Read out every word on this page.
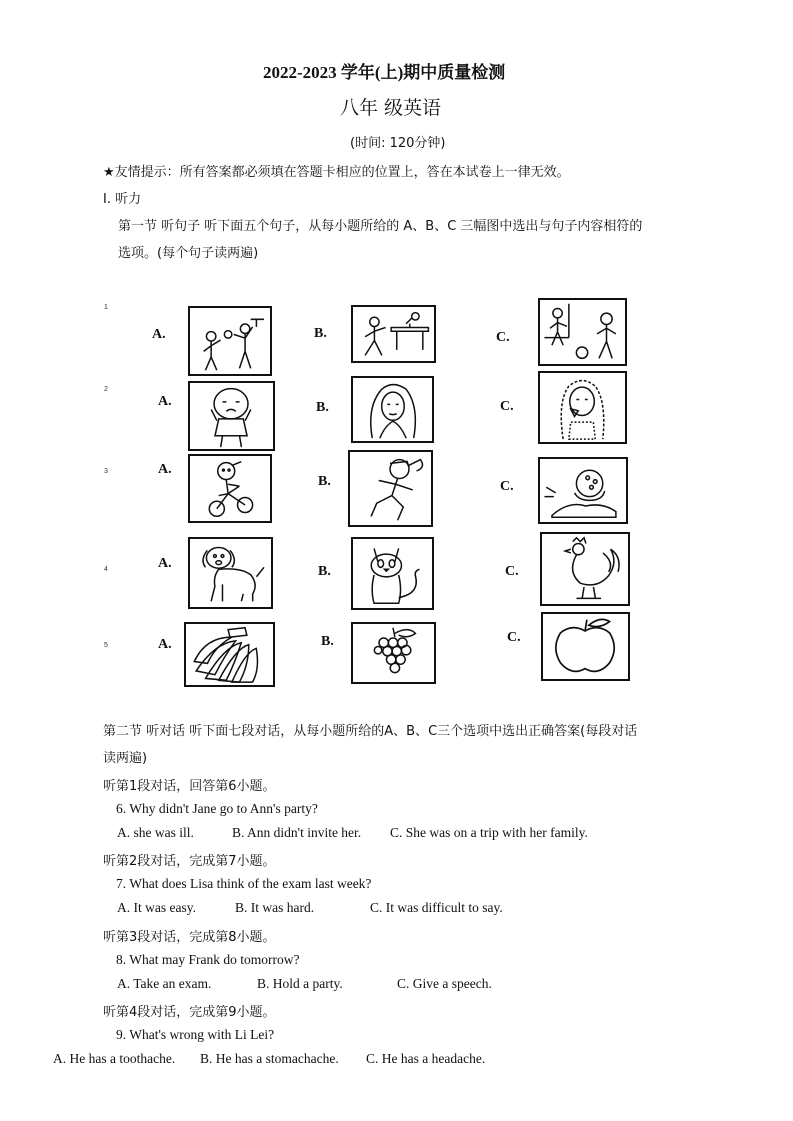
2022-2023 学年(上)期中质量检测
八年 级英语
(时间: 120分钟)
★友情提示：所有答案都必须填在答题卡相应的位置上，答在本试卷上一律无效。
I. 听力
第一节 听句子 听下面五个句子，从每小题所给的 A、B、C 三幅图中选出与句子内容相符的
选项。(每个句子读两遍)
1
A.	B.	C.
2
A.	B.	C.
3	A.
B.	C.
4	A.
B.	C.
5	A.	B.	C.
第二节 听对话 听下面七段对话，从每小题所给的A、B、C三个选项中选出正确答案(每段对话
读两遍)
听第1段对话，回答第6小题。
6. Why didn't Jane go to Ann's party?
A. she was ill.	B. Ann didn't invite her. C. She was on a trip with her family.
听第2段对话，完成第7小题。
7. What does Lisa think of the exam last week?
A. It was easy.	B. It was hard.	C. It was difficult to say.
听第3段对话，完成第8小题。
8. What may Frank do tomorrow?
A. Take an exam.	B. Hold a party.	C. Give a speech.
听第4段对话，完成第9小题。
9. What's wrong with Li Lei?
A. He has a toothache. B. He has a stomachache. C. He has a headache.
